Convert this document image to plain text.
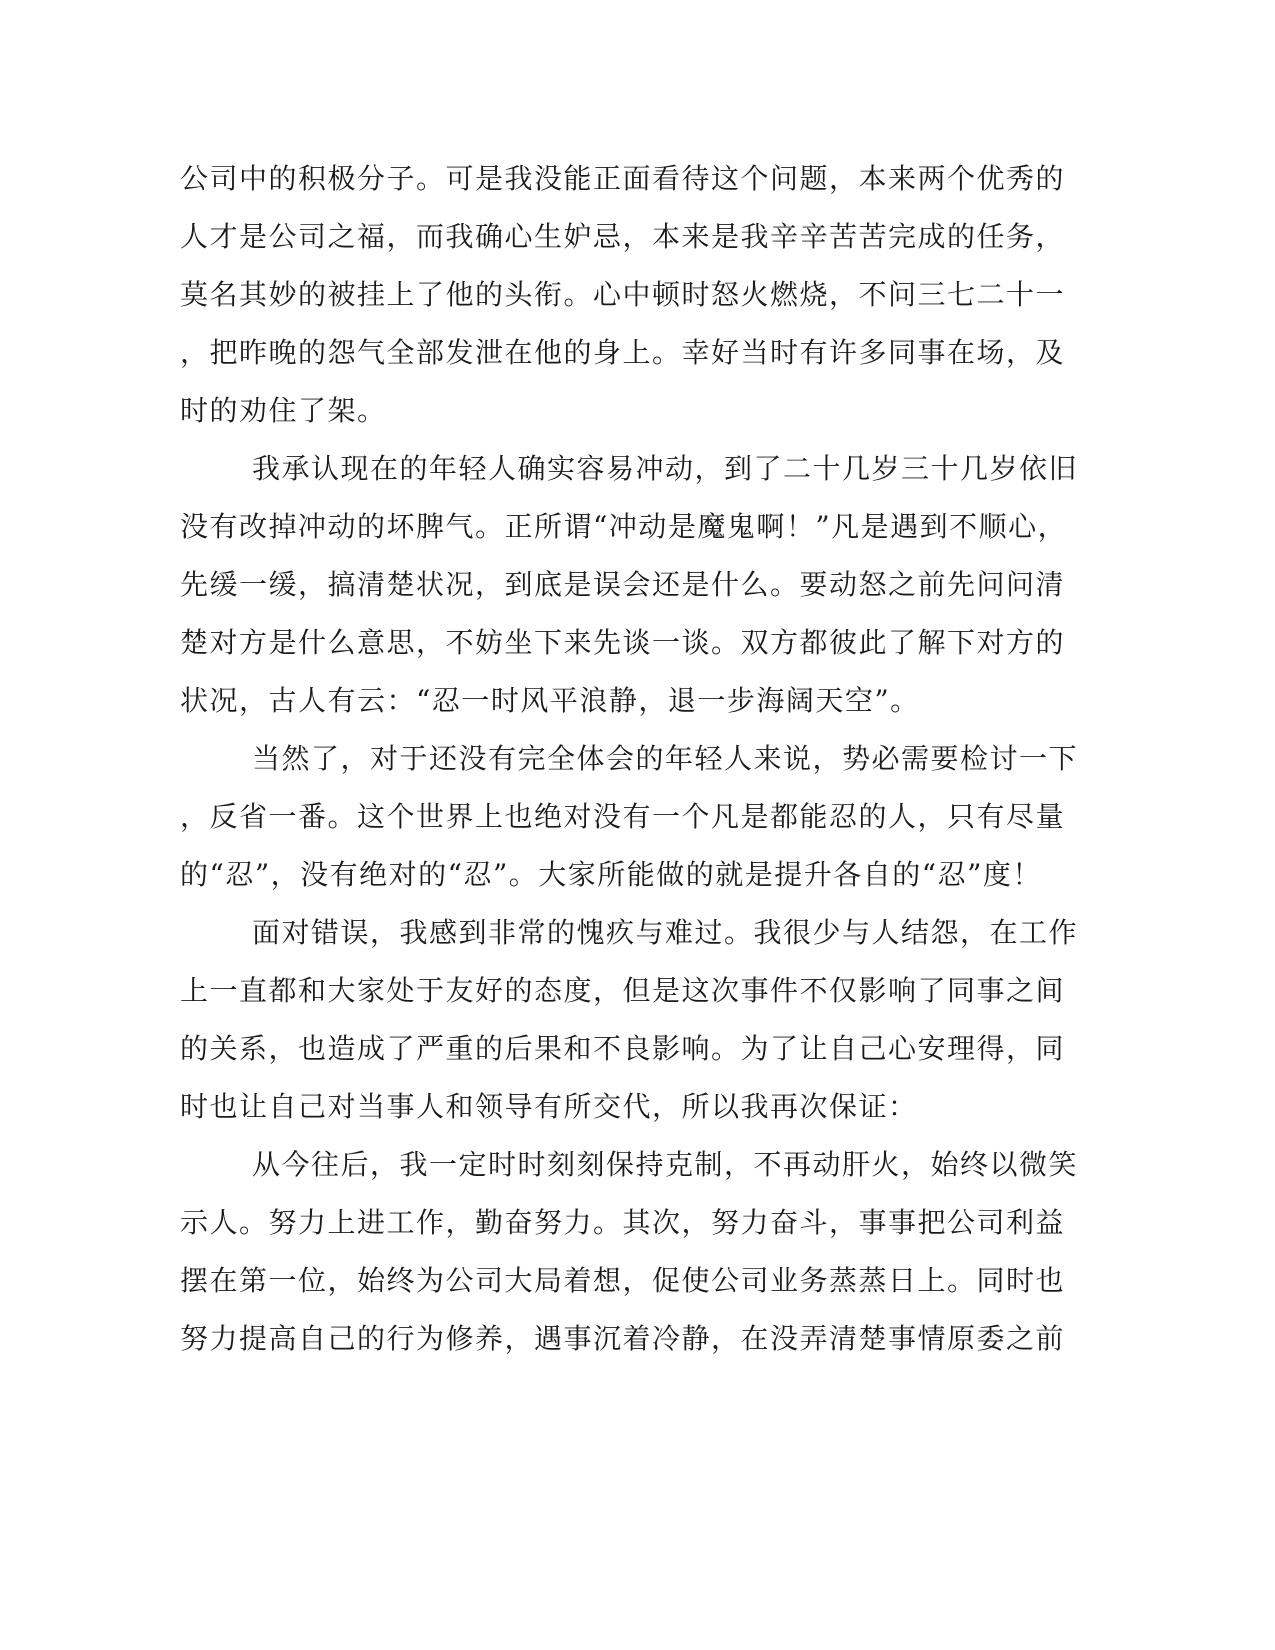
公司中的积极分子。可是我没能正面看待这个问题，本来两个优秀的
人才是公司之福，而我确心生妒忌，本来是我辛辛苦苦完成的任务，
莫名其妙的被挂上了他的头衔。心中顿时怒火燃烧，不问三七二十一
，把昨晚的怨气全部发泄在他的身上。幸好当时有许多同事在场，及
时的劝住了架。
我承认现在的年轻人确实容易冲动，到了二十几岁三十几岁依旧
没有改掉冲动的坏脾气。正所谓“冲动是魔鬼啊！”凡是遇到不顺心，
先缓一缓，搞清楚状况，到底是误会还是什么。要动怒之前先问问清
楚对方是什么意思，不妨坐下来先谈一谈。双方都彼此了解下对方的
状况，古人有云：“忍一时风平浪静，退一步海阔天空”。
当然了，对于还没有完全体会的年轻人来说，势必需要检讨一下
，反省一番。这个世界上也绝对没有一个凡是都能忍的人，只有尽量
的“忍”，没有绝对的“忍”。大家所能做的就是提升各自的“忍”度！
面对错误，我感到非常的愧疚与难过。我很少与人结怨，在工作
上一直都和大家处于友好的态度，但是这次事件不仅影响了同事之间
的关系，也造成了严重的后果和不良影响。为了让自己心安理得，同
时也让自己对当事人和领导有所交代，所以我再次保证：
从今往后，我一定时时刻刻保持克制，不再动肝火，始终以微笑
示人。努力上进工作，勤奋努力。其次，努力奋斗，事事把公司利益
摆在第一位，始终为公司大局着想，促使公司业务蒸蒸日上。同时也
努力提高自己的行为修养，遇事沉着冷静，在没弄清楚事情原委之前
